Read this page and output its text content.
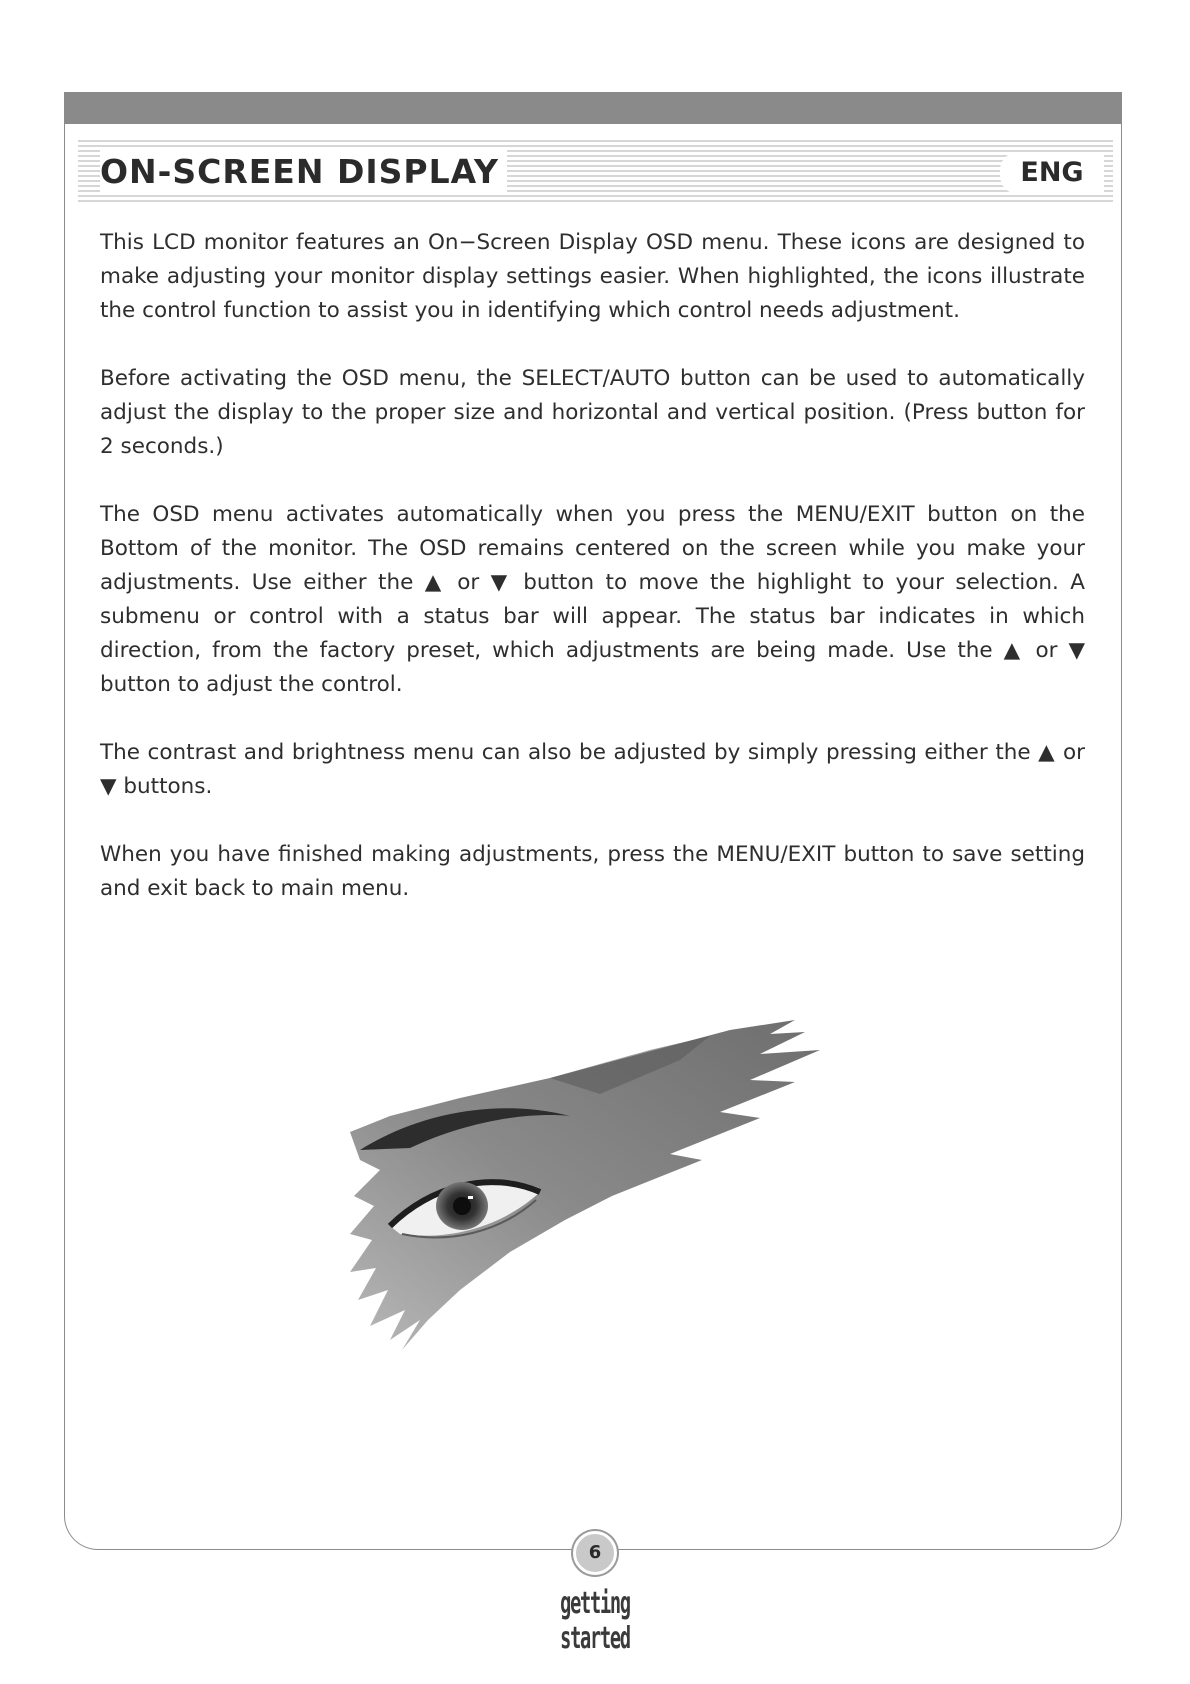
ON-SCREEN DISPLAY	ENG

This LCD monitor features an On−Screen Display OSD menu. These icons are designed to make adjusting your monitor display settings easier. When highlighted, the icons illustrate the control function to assist you in identifying which control needs adjustment.

Before activating the OSD menu, the SELECT/AUTO button can be used to automatically adjust the display to the proper size and horizontal and vertical position. (Press button for 2 seconds.)

The OSD menu activates automatically when you press the MENU/EXIT button on the Bottom of the monitor. The OSD remains centered on the screen while you make your adjustments. Use either the ▲ or ▼ button to move the highlight to your selection. A submenu or control with a status bar will appear. The status bar indicates in which direction, from the factory preset, which adjustments are being made. Use the ▲ or ▼ button to adjust the control.

The contrast and brightness menu can also be adjusted by simply pressing either the ▲ or ▼ buttons.

When you have finished making adjustments, press the MENU/EXIT button to save setting and exit back to main menu.

6
getting started
